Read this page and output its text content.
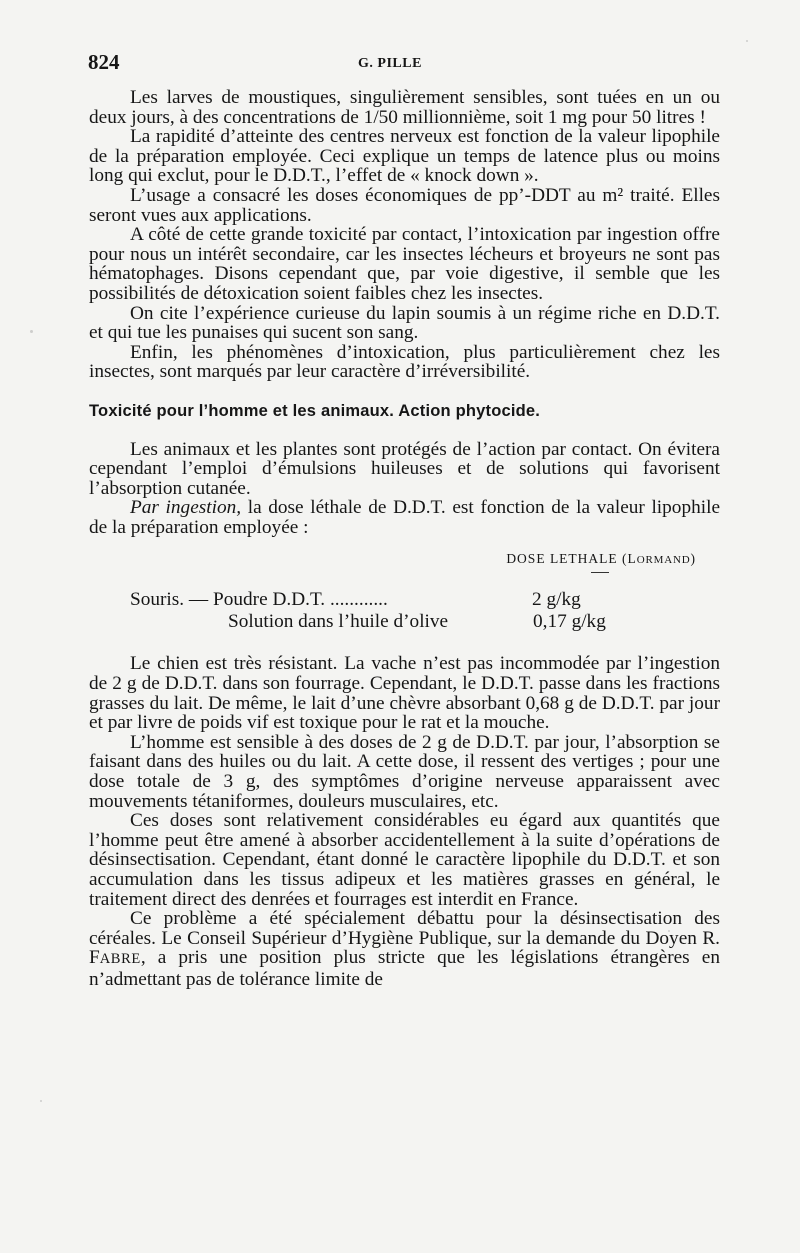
824	G. PILLE

Les larves de moustiques, singulièrement sensibles, sont tuées en un ou deux jours, à des concentrations de 1/50 millionnième, soit 1 mg pour 50 litres !

La rapidité d’atteinte des centres nerveux est fonction de la valeur lipophile de la préparation employée. Ceci explique un temps de latence plus ou moins long qui exclut, pour le D.D.T., l’effet de « knock down ».

L’usage a consacré les doses économiques de pp’-DDT au m² traité. Elles seront vues aux applications.

A côté de cette grande toxicité par contact, l’intoxication par ingestion offre pour nous un intérêt secondaire, car les insectes lécheurs et broyeurs ne sont pas hématophages. Disons cependant que, par voie digestive, il semble que les possibilités de détoxication soient faibles chez les insectes.

On cite l’expérience curieuse du lapin soumis à un régime riche en D.D.T. et qui tue les punaises qui sucent son sang.

Enfin, les phénomènes d’intoxication, plus particulièrement chez les insectes, sont marqués par leur caractère d’irréversibilité.

Toxicité pour l’homme et les animaux. Action phytocide.

Les animaux et les plantes sont protégés de l’action par contact. On évitera cependant l’emploi d’émulsions huileuses et de solutions qui favorisent l’absorption cutanée.

Par ingestion, la dose léthale de D.D.T. est fonction de la valeur lipophile de la préparation employée :

DOSE LETHALE (LORMAND)
Souris. — Poudre D.D.T. ............	2 g/kg
Solution dans l’huile d’olive	0,17 g/kg

Le chien est très résistant. La vache n’est pas incommodée par l’ingestion de 2 g de D.D.T. dans son fourrage. Cependant, le D.D.T. passe dans les fractions grasses du lait. De même, le lait d’une chèvre absorbant 0,68 g de D.D.T. par jour et par livre de poids vif est toxique pour le rat et la mouche.

L’homme est sensible à des doses de 2 g de D.D.T. par jour, l’absorption se faisant dans des huiles ou du lait. A cette dose, il ressent des vertiges ; pour une dose totale de 3 g, des symptômes d’origine nerveuse apparaissent avec mouvements tétaniformes, douleurs musculaires, etc.

Ces doses sont relativement considérables eu égard aux quantités que l’homme peut être amené à absorber accidentellement à la suite d’opérations de désinsectisation. Cependant, étant donné le caractère lipophile du D.D.T. et son accumulation dans les tissus adipeux et les matières grasses en général, le traitement direct des denrées et fourrages est interdit en France.

Ce problème a été spécialement débattu pour la désinsectisation des céréales. Le Conseil Supérieur d’Hygiène Publique, sur la demande du Doyen R. FABRE, a pris une position plus stricte que les législations étrangères en n’admettant pas de tolérance limite de
